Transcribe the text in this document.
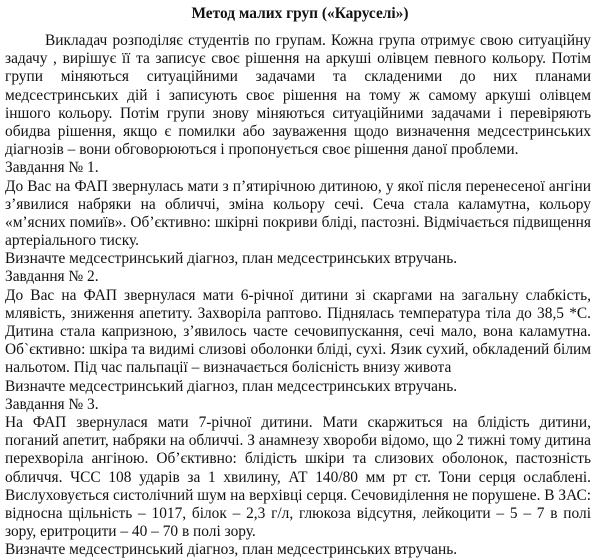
Метод малих груп («Каруселі»)
Викладач розподіляє студентів по групам. Кожна група отримує свою ситуаційну
задачу , вирішує її та записує своє рішення на аркуші олівцем певного кольору. Потім
групи міняються ситуаційними задачами та складеними до них планами
медсестринських дій і записують своє рішення на тому ж самому аркуші олівцем
іншого кольору. Потім групи знову міняються ситуаційними задачами і перевіряють
обидва рішення, якщо є помилки або зауваження щодо визначення медсестринських
діагнозів – вони обговорюються і пропонується своє рішення даної проблеми.
Завдання № 1.
До Вас на ФАП звернулась мати з п’ятирічною дитиною, у якої після перенесеної ангіни
з’явилися набряки на обличчі, зміна кольору сечі. Сеча стала каламутна, кольору
«м’ясних помиїв». Об’єктивно: шкірні покриви бліді, пастозні. Відмічається підвищення
артеріального тиску.
Визначте медсестринський діагноз, план медсестринських втручань.
Завдання № 2.
До Вас на ФАП звернулася мати 6-річної дитини зі скаргами на загальну слабкість,
млявість, зниження апетиту. Захворіла раптово. Піднялась температура тіла до 38,5 *С.
Дитина стала капризною, з’явилось часте сечовипускання, сечі мало, вона каламутна.
Об`єктивно: шкіра та видимі слизові оболонки бліді, сухі. Язик сухий, обкладений білим
нальотом. Під час пальпації – визначається болісність внизу живота
Визначте медсестринський діагноз, план медсестринських втручань.
Завдання № 3.
На ФАП звернулася мати 7-річної дитини. Мати скаржиться на блідість дитини,
поганий апетит, набряки на обличчі. З анамнезу хвороби відомо, що 2 тижні тому дитина
перехворіла ангіною. Об’єктивно: блідість шкіри та слизових оболонок, пастозність
обличчя. ЧСС 108 ударів за 1 хвилину, АТ 140/80 мм рт ст. Тони серця ослаблені.
Вислуховується систолічний шум на верхівці серця. Сечовиділення не порушене. В ЗАС:
відносна щільність – 1017, білок – 2,3 г/л, глюкоза відсутня, лейкоцити – 5 – 7 в полі
зору, еритроцити – 40 – 70 в полі зору.
Визначте медсестринський діагноз, план медсестринських втручань.
